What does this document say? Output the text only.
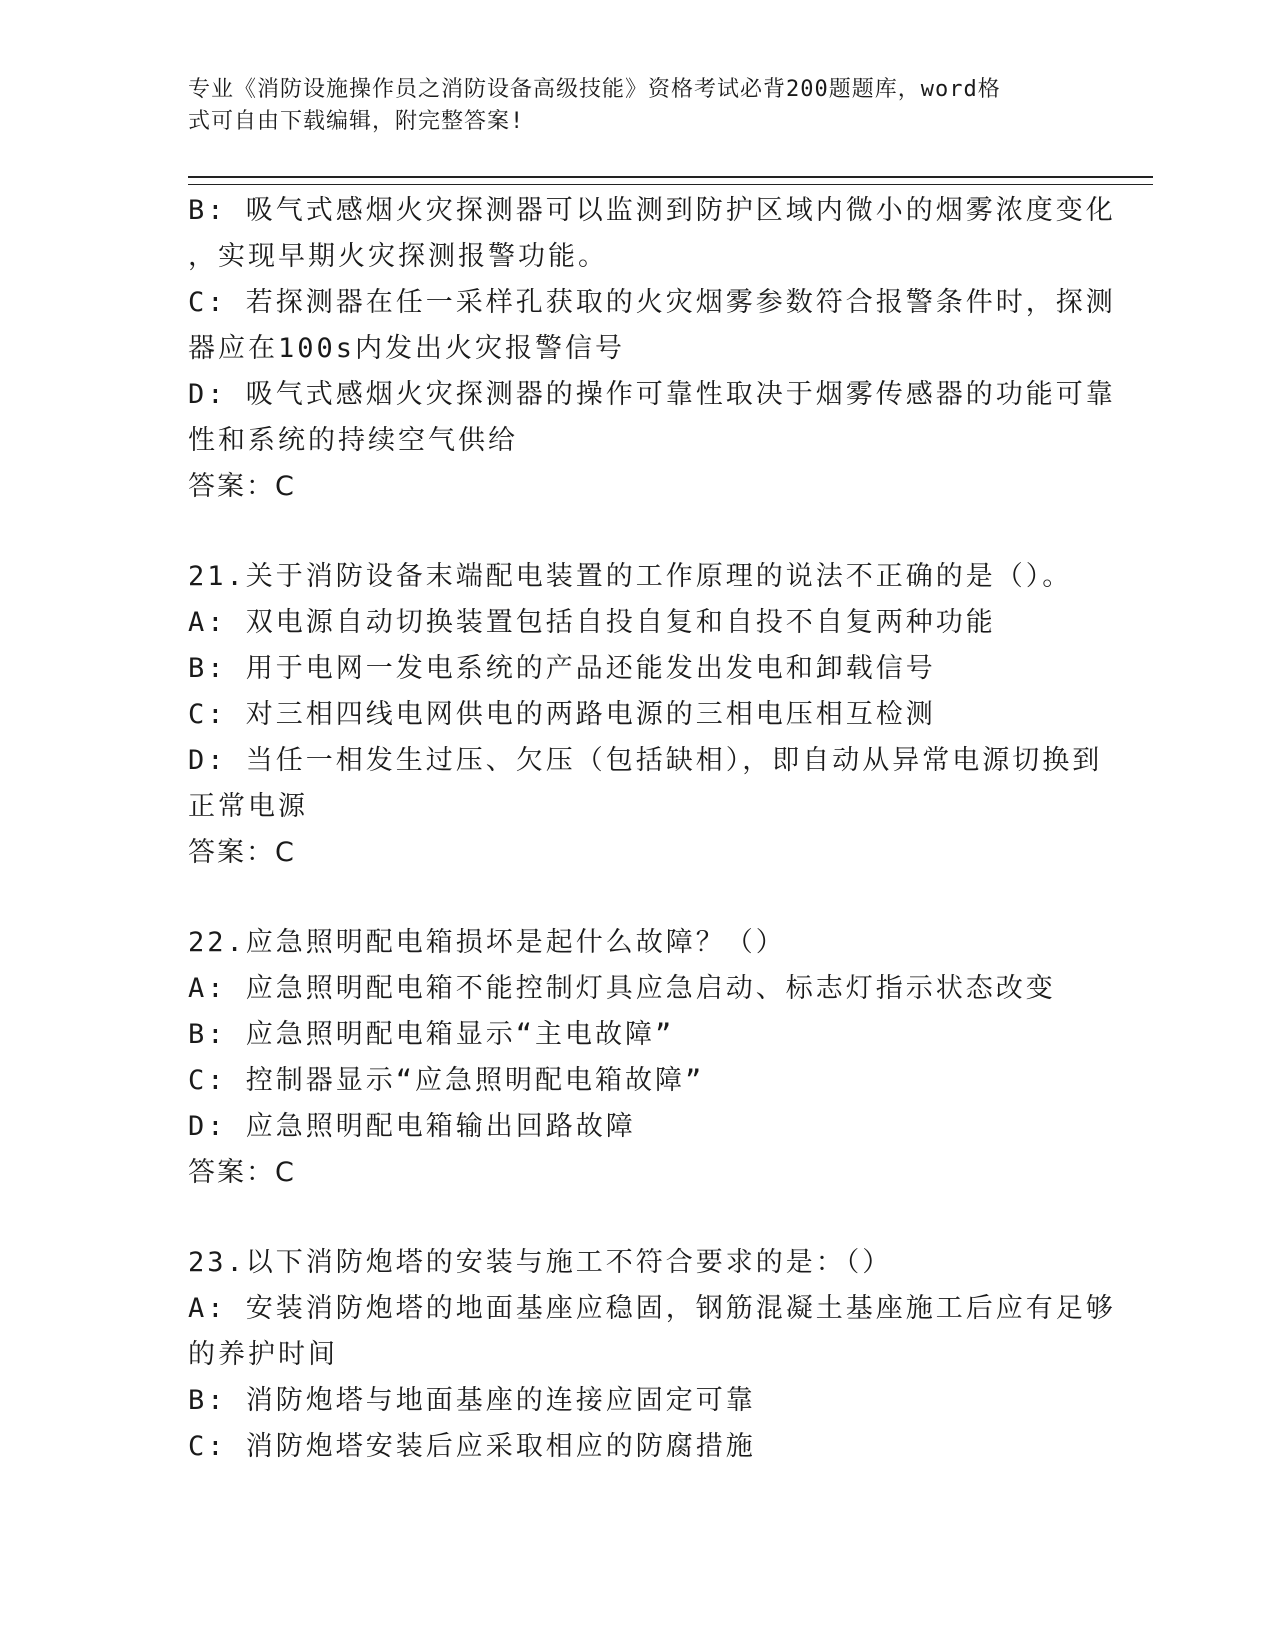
专业《消防设施操作员之消防设备高级技能》资格考试必背200题题库，word格
式可自由下载编辑，附完整答案!
B: 吸气式感烟火灾探测器可以监测到防护区域内微小的烟雾浓度变化
，实现早期火灾探测报警功能。
C: 若探测器在任一采样孔获取的火灾烟雾参数符合报警条件时，探测
器应在100s内发出火灾报警信号
D: 吸气式感烟火灾探测器的操作可靠性取决于烟雾传感器的功能可靠
性和系统的持续空气供给
答案：C
21.关于消防设备末端配电装置的工作原理的说法不正确的是（）。
A: 双电源自动切换装置包括自投自复和自投不自复两种功能
B: 用于电网一发电系统的产品还能发出发电和卸载信号
C: 对三相四线电网供电的两路电源的三相电压相互检测
D: 当任一相发生过压、欠压（包括缺相），即自动从异常电源切换到
正常电源
答案：C
22.应急照明配电箱损坏是起什么故障？（）
A: 应急照明配电箱不能控制灯具应急启动、标志灯指示状态改变
B: 应急照明配电箱显示“主电故障”
C: 控制器显示“应急照明配电箱故障”
D: 应急照明配电箱输出回路故障
答案：C
23.以下消防炮塔的安装与施工不符合要求的是：（）
A: 安装消防炮塔的地面基座应稳固，钢筋混凝土基座施工后应有足够
的养护时间
B: 消防炮塔与地面基座的连接应固定可靠
C: 消防炮塔安装后应采取相应的防腐措施
